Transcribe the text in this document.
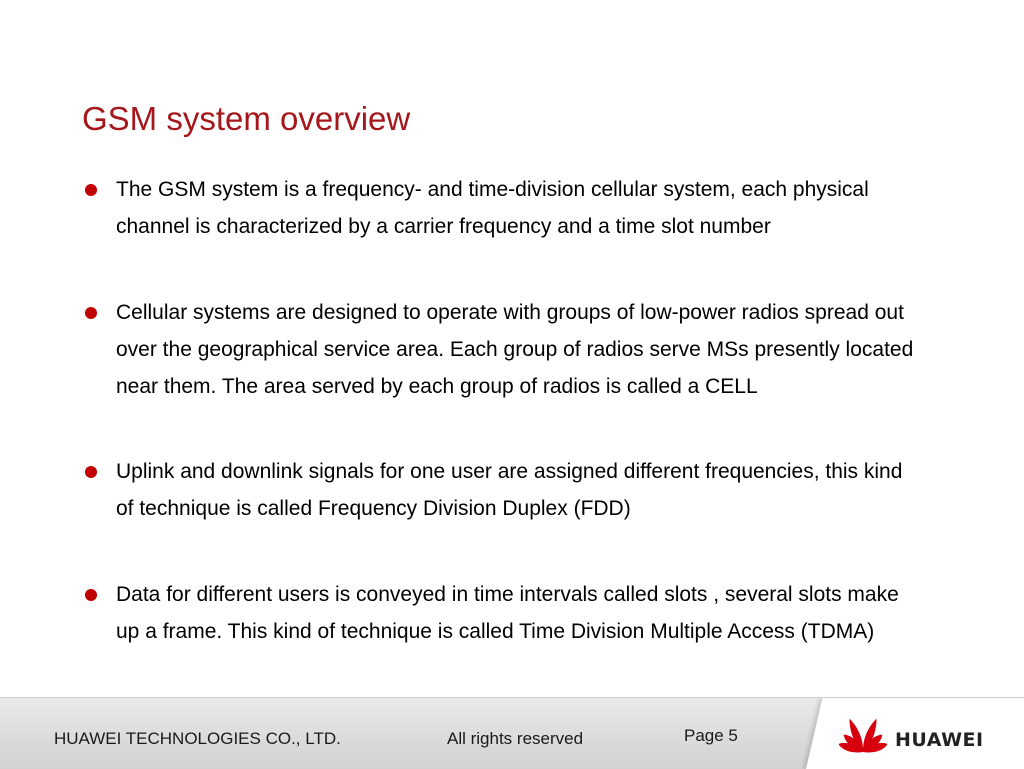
GSM system overview
The GSM system is a frequency- and time-division cellular system, each physical channel is characterized by a carrier frequency and a time slot number
Cellular systems are designed to operate with groups of low-power radios spread out over the geographical service area. Each group of radios serve MSs presently located near them. The area served by each group of radios is called a CELL
Uplink and downlink signals for one user are assigned different frequencies, this kind of technique is called Frequency Division Duplex (FDD)
Data for different users is conveyed in time intervals called slots , several slots make up a frame. This kind of technique is called Time Division Multiple Access (TDMA)
HUAWEI TECHNOLOGIES CO., LTD.	All rights reserved	Page 5	HUAWEI
